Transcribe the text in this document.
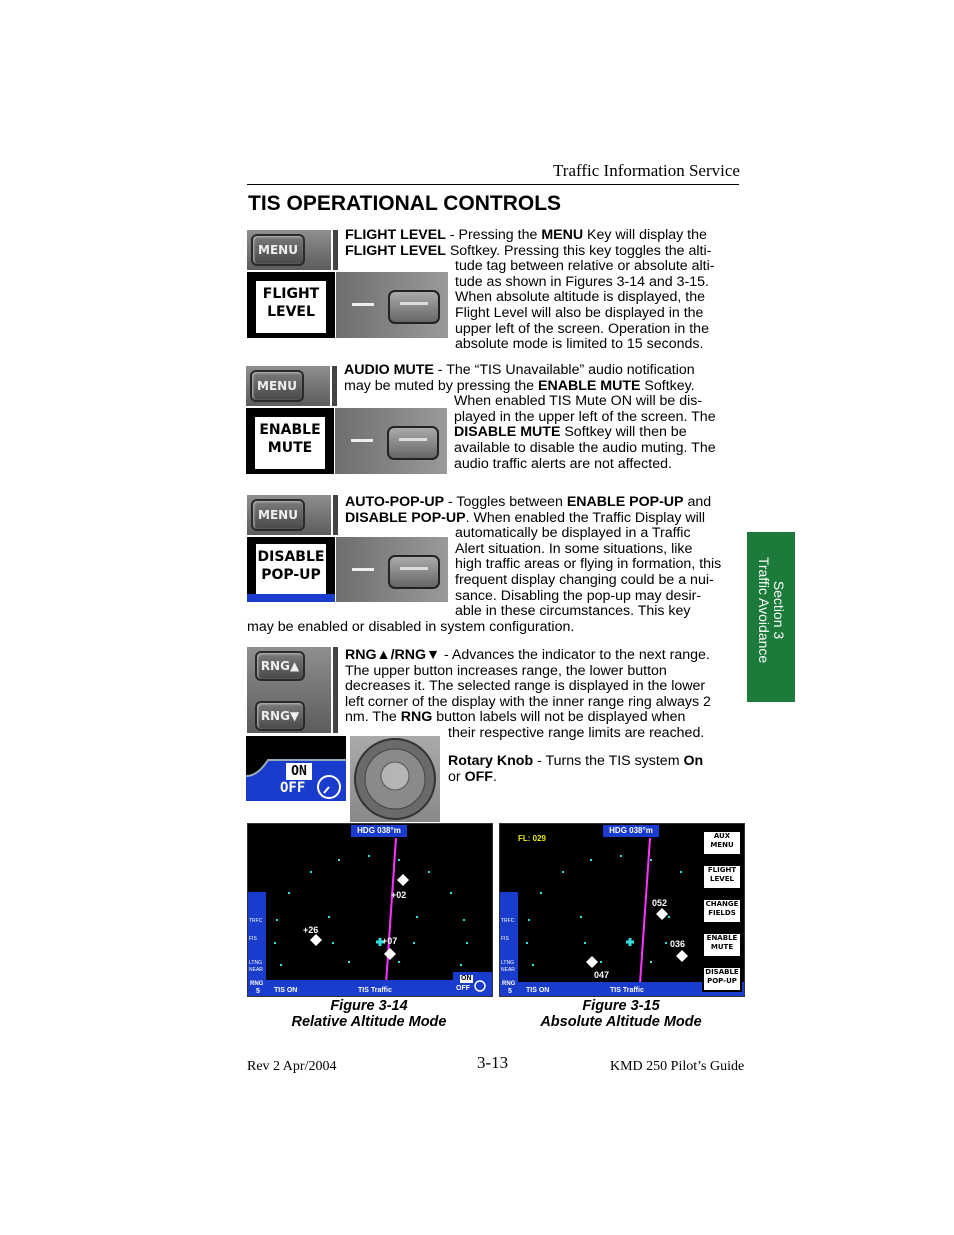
Traffic Information Service
TIS OPERATIONAL CONTROLS
Section 3
Traffic Avoidance
MENU
FLIGHT
LEVEL
FLIGHT LEVEL - Pressing the MENU Key will display the
FLIGHT LEVEL Softkey. Pressing this key toggles the alti-
tude tag between relative or absolute alti-
tude as shown in Figures 3-14 and 3-15.
When absolute altitude is displayed, the
Flight Level will also be displayed in the
upper left of the screen. Operation in the
absolute mode is limited to 15 seconds.
MENU
ENABLE
MUTE
AUDIO MUTE - The “TIS Unavailable” audio notification
may be muted by pressing the ENABLE MUTE Softkey.
When enabled TIS Mute ON will be dis-
played in the upper left of the screen. The
DISABLE MUTE Softkey will then be
available to disable the audio muting. The
audio traffic alerts are not affected.
MENU
DISABLE
POP-UP
AUTO-POP-UP - Toggles between ENABLE POP-UP and
DISABLE POP-UP. When enabled the Traffic Display will
automatically be displayed in a Traffic
Alert situation. In some situations, like
high traffic areas or flying in formation, this
frequent display changing could be a nui-
sance. Disabling the pop-up may desir-
able in these circumstances. This key
may be enabled or disabled in system configuration.
RNG▲
RNG▼
RNG▲/RNG▼ - Advances the indicator to the next range.
The upper button increases range, the lower button
decreases it. The selected range is displayed in the lower
left corner of the display with the inner range ring always 2
nm. The RNG button labels will not be displayed when
their respective range limits are reached.
ON
OFF
Rotary Knob - Turns the TIS system On
or OFF.
HDG 038°m
TRFC
FIS
LTNG
NEAR
RNG
5 TIS ON	TIS Traffic
ON
OFF
+26
+02
+07
Figure 3-14
Relative Altitude Mode
HDG 038°m
FL: 029
TRFC
FIS
LTNG
NEAR
RNG
5 TIS ON	TIS Traffic
052
036
047
AUX
MENU
FLIGHT
LEVEL
CHANGE
FIELDS
ENABLE
MUTE
DISABLE
POP-UP
Figure 3-15
Absolute Altitude Mode
Rev 2 Apr/2004	3-13	KMD 250 Pilot’s Guide
